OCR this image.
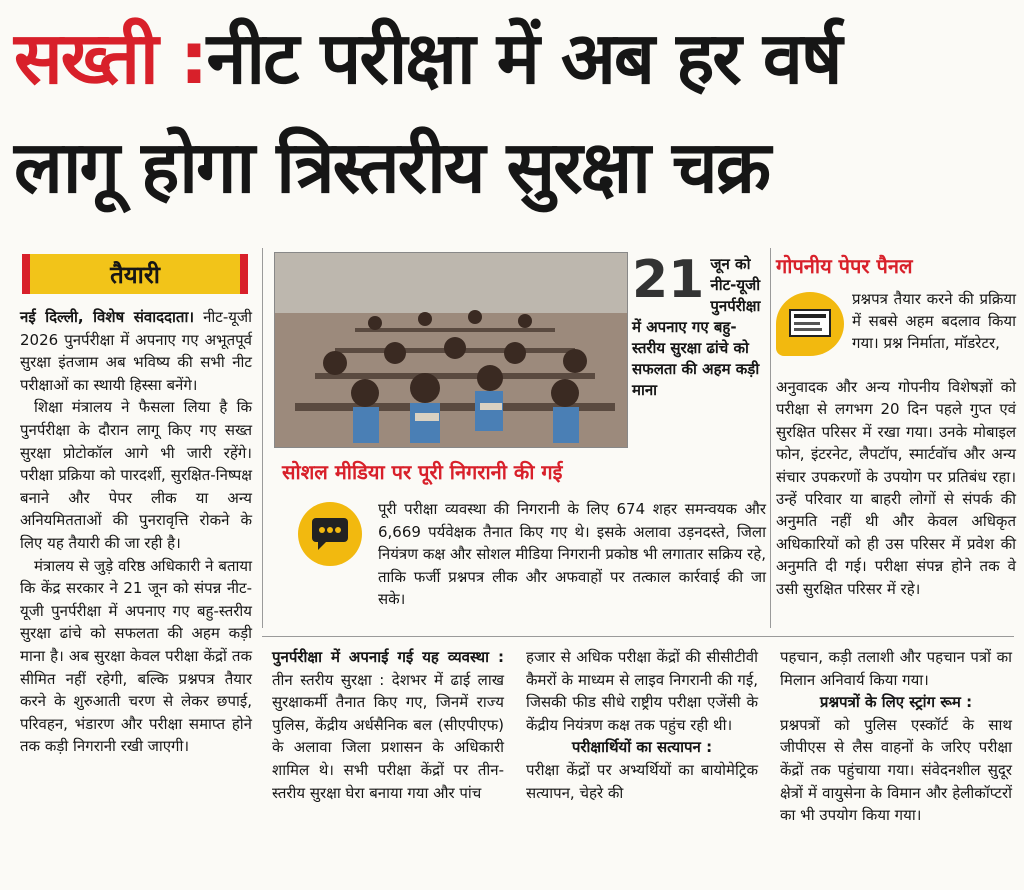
सख्ती :नीट परीक्षा में अब हर वर्ष
लागू होगा त्रिस्तरीय सुरक्षा चक्र
तैयारी

नई दिल्ली, विशेष संवाददाता। नीट-यूजी 2026 पुनर्परीक्षा में अपनाए गए अभूतपूर्व सुरक्षा इंतजाम अब भविष्य की सभी नीट परीक्षाओं का स्थायी हिस्सा बनेंगे।

शिक्षा मंत्रालय ने फैसला लिया है कि पुनर्परीक्षा के दौरान लागू किए गए सख्त सुरक्षा प्रोटोकॉल आगे भी जारी रहेंगे। परीक्षा प्रक्रिया को पारदर्शी, सुरक्षित-निष्पक्ष बनाने और पेपर लीक या अन्य अनियमितताओं की पुनरावृत्ति रोकने के लिए यह तैयारी की जा रही है।

मंत्रालय से जुड़े वरिष्ठ अधिकारी ने बताया कि केंद्र सरकार ने 21 जून को संपन्न नीट-यूजी पुनर्परीक्षा में अपनाए गए बहु-स्तरीय सुरक्षा ढांचे को सफलता की अहम कड़ी माना है। अब सुरक्षा केवल परीक्षा केंद्रों तक सीमित नहीं रहेगी, बल्कि प्रश्नपत्र तैयार करने के शुरुआती चरण से लेकर छपाई, परिवहन, भंडारण और परीक्षा समाप्त होने तक कड़ी निगरानी रखी जाएगी।

21 जून को नीट-यूजी पुनर्परीक्षा में अपनाए गए बहु-स्तरीय सुरक्षा ढांचे को सफलता की अहम कड़ी माना
सोशल मीडिया पर पूरी निगरानी की गई
पूरी परीक्षा व्यवस्था की निगरानी के लिए 674 शहर समन्वयक और 6,669 पर्यवेक्षक तैनात किए गए थे। इसके अलावा उड़नदस्ते, जिला नियंत्रण कक्ष और सोशल मीडिया निगरानी प्रकोष्ठ भी लगातार सक्रिय रहे, ताकि फर्जी प्रश्नपत्र लीक और अफवाहों पर तत्काल कार्रवाई की जा सके।
गोपनीय पेपर पैनल
प्रश्नपत्र तैयार करने की प्रक्रिया में सबसे अहम बदलाव किया गया। प्रश्न निर्माता, मॉडरेटर,
अनुवादक और अन्य गोपनीय विशेषज्ञों को परीक्षा से लगभग 20 दिन पहले गुप्त एवं सुरक्षित परिसर में रखा गया। उनके मोबाइल फोन, इंटरनेट, लैपटॉप, स्मार्टवॉच और अन्य संचार उपकरणों के उपयोग पर प्रतिबंध रहा। उन्हें परिवार या बाहरी लोगों से संपर्क की अनुमति नहीं थी और केवल अधिकृत अधिकारियों को ही उस परिसर में प्रवेश की अनुमति दी गई। परीक्षा संपन्न होने तक वे उसी सुरक्षित परिसर में रहे।

पुनर्परीक्षा में अपनाई गई यह व्यवस्था : तीन स्तरीय सुरक्षा : देशभर में ढाई लाख सुरक्षाकर्मी तैनात किए गए, जिनमें राज्य पुलिस, केंद्रीय अर्धसैनिक बल (सीएपीएफ) के अलावा जिला प्रशासन के अधिकारी शामिल थे। सभी परीक्षा केंद्रों पर तीन-स्तरीय सुरक्षा घेरा बनाया गया और पांच

हजार से अधिक परीक्षा केंद्रों की सीसीटीवी कैमरों के माध्यम से लाइव निगरानी की गई, जिसकी फीड सीधे राष्ट्रीय परीक्षा एजेंसी के केंद्रीय नियंत्रण कक्ष तक पहुंच रही थी।

परीक्षार्थियों का सत्यापन :

परीक्षा केंद्रों पर अभ्यर्थियों का बायोमेट्रिक सत्यापन, चेहरे की

पहचान, कड़ी तलाशी और पहचान पत्रों का मिलान अनिवार्य किया गया।

प्रश्नपत्रों के लिए स्ट्रांग रूम :

प्रश्नपत्रों को पुलिस एस्कॉर्ट के साथ जीपीएस से लैस वाहनों के जरिए परीक्षा केंद्रों तक पहुंचाया गया। संवेदनशील सुदूर क्षेत्रों में वायुसेना के विमान और हेलीकॉप्टरों का भी उपयोग किया गया।
